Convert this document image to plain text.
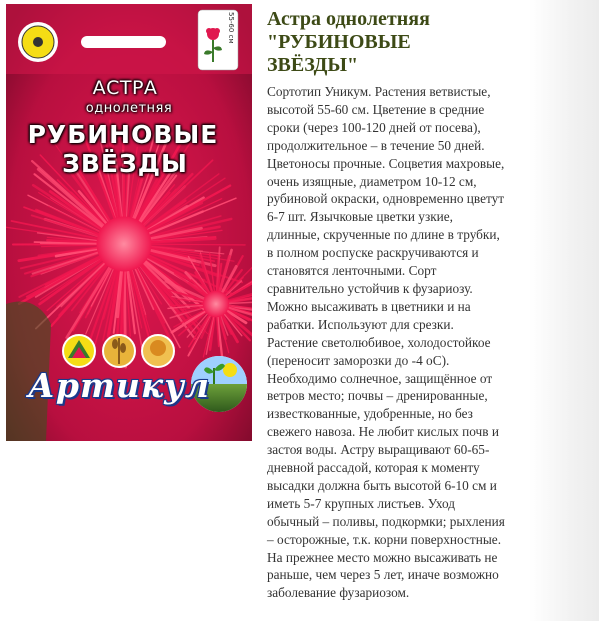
АСТРА
однолетняя
РУБИНОВЫЕ
ЗВЁЗДЫ
55-60 см
Артикул
Астра однолетняя
"РУБИНОВЫЕ
ЗВЁЗДЫ"

Сортотип Уникум. Растения ветвистые,
высотой 55-60 см. Цветение в средние
сроки (через 100-120 дней от посева),
продолжительное – в течение 50 дней.
Цветоносы прочные. Соцветия махровые,
очень изящные, диаметром 10-12 см,
рубиновой окраски, одновременно цветут
6-7 шт. Язычковые цветки узкие,
длинные, скрученные по длине в трубки,
в полном роспуске раскручиваются и
становятся ленточными. Сорт
сравнительно устойчив к фузариозу.
Можно высаживать в цветники и на
рабатки. Используют для срезки.
Растение светолюбивое, холодостойкое
(переносит заморозки до -4 оС).
Необходимо солнечное, защищённое от
ветров место; почвы – дренированные,
известкованные, удобренные, но без
свежего навоза. Не любит кислых почв и
застоя воды. Астру выращивают 60-65-
дневной рассадой, которая к моменту
высадки должна быть высотой 6-10 см и
иметь 5-7 крупных листьев. Уход
обычный – поливы, подкормки; рыхления
– осторожные, т.к. корни поверхностные.
На прежнее место можно высаживать не
раньше, чем через 5 лет, иначе возможно
заболевание фузариозом.
